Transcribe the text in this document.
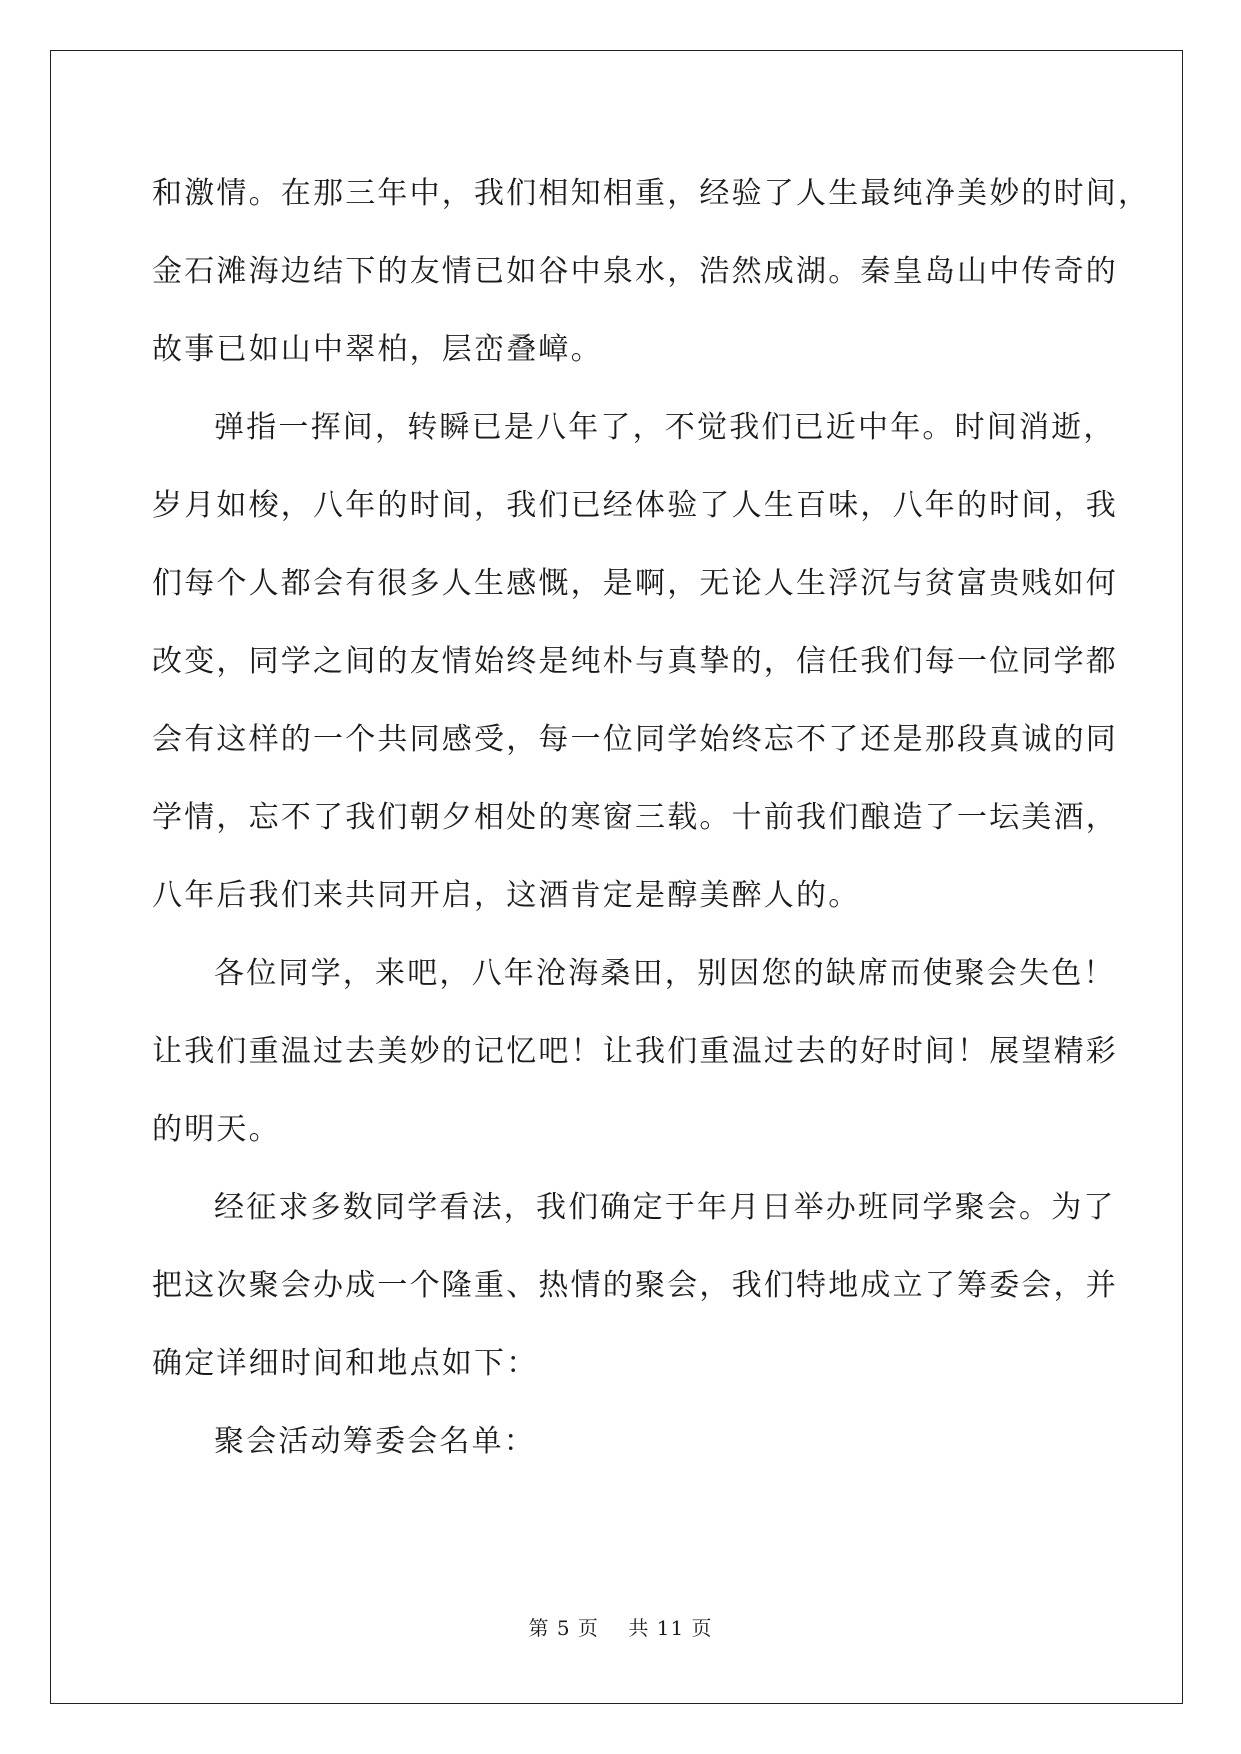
和激情。在那三年中，我们相知相重，经验了人生最纯净美妙的时间，
金石滩海边结下的友情已如谷中泉水，浩然成湖。秦皇岛山中传奇的
故事已如山中翠柏，层峦叠嶂。
弹指一挥间，转瞬已是八年了，不觉我们已近中年。时间消逝，
岁月如梭，八年的时间，我们已经体验了人生百味，八年的时间，我
们每个人都会有很多人生感慨，是啊，无论人生浮沉与贫富贵贱如何
改变，同学之间的友情始终是纯朴与真挚的，信任我们每一位同学都
会有这样的一个共同感受，每一位同学始终忘不了还是那段真诚的同
学情，忘不了我们朝夕相处的寒窗三载。十前我们酿造了一坛美酒，
八年后我们来共同开启，这酒肯定是醇美醉人的。
各位同学，来吧，八年沧海桑田，别因您的缺席而使聚会失色！
让我们重温过去美妙的记忆吧！让我们重温过去的好时间！展望精彩
的明天。
经征求多数同学看法，我们确定于年月日举办班同学聚会。为了
把这次聚会办成一个隆重、热情的聚会，我们特地成立了筹委会，并
确定详细时间和地点如下：
聚会活动筹委会名单：
第 5 页 共 11 页
